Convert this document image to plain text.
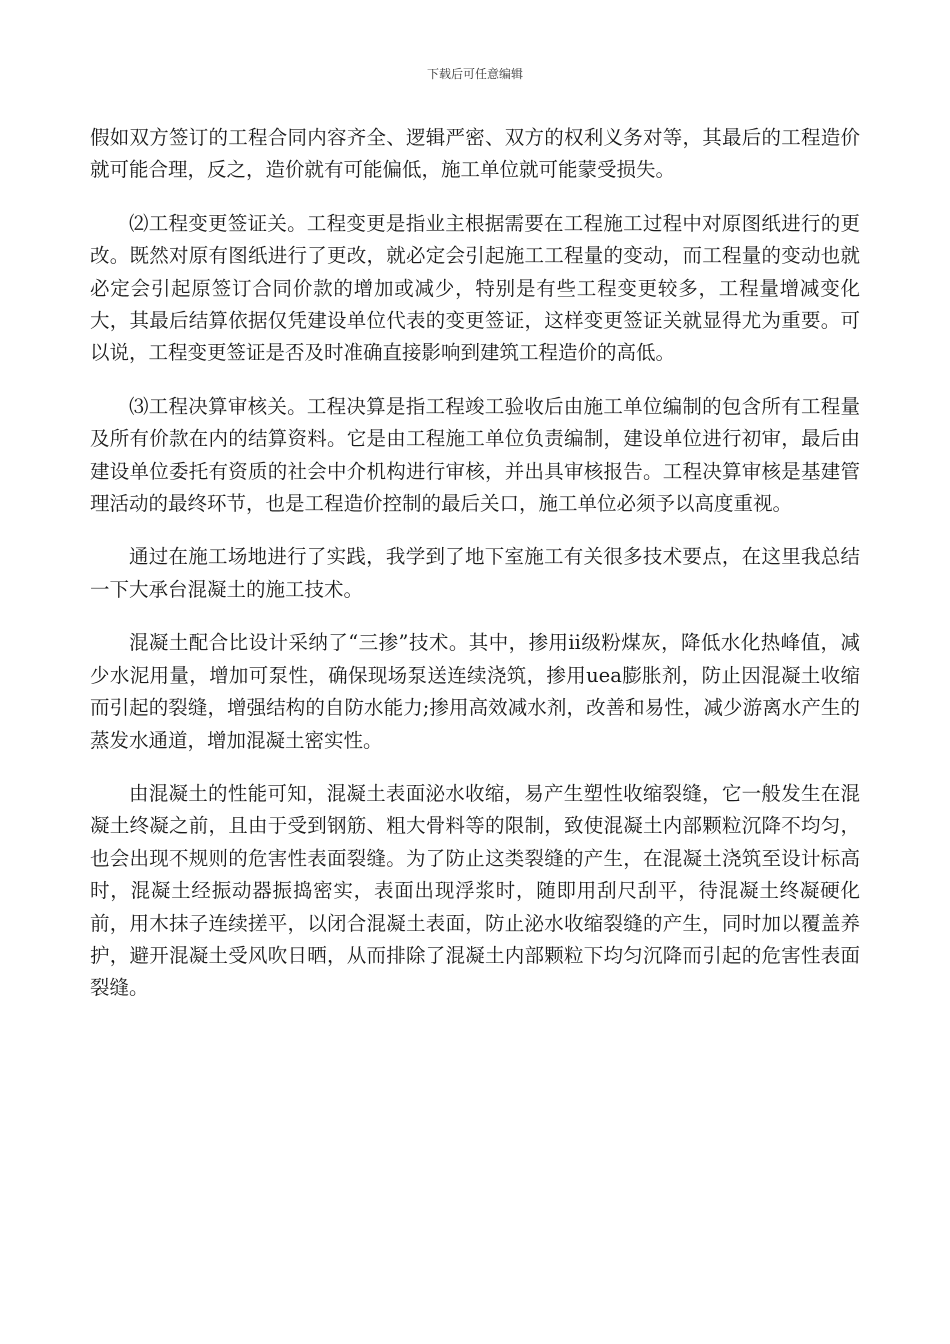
下载后可任意编辑

假如双方签订的工程合同内容齐全、逻辑严密、双方的权利义务对等，其最后的工程造价就可能合理，反之，造价就有可能偏低，施工单位就可能蒙受损失。

⑵工程变更签证关。工程变更是指业主根据需要在工程施工过程中对原图纸进行的更改。既然对原有图纸进行了更改，就必定会引起施工工程量的变动，而工程量的变动也就必定会引起原签订合同价款的增加或减少，特别是有些工程变更较多，工程量增减变化大，其最后结算依据仅凭建设单位代表的变更签证，这样变更签证关就显得尤为重要。可以说，工程变更签证是否及时准确直接影响到建筑工程造价的高低。

⑶工程决算审核关。工程决算是指工程竣工验收后由施工单位编制的包含所有工程量及所有价款在内的结算资料。它是由工程施工单位负责编制，建设单位进行初审，最后由建设单位委托有资质的社会中介机构进行审核，并出具审核报告。工程决算审核是基建管理活动的最终环节，也是工程造价控制的最后关口，施工单位必须予以高度重视。

通过在施工场地进行了实践，我学到了地下室施工有关很多技术要点，在这里我总结一下大承台混凝土的施工技术。

混凝土配合比设计采纳了“三掺”技术。其中，掺用ii级粉煤灰，降低水化热峰值，减少水泥用量，增加可泵性，确保现场泵送连续浇筑，掺用uea膨胀剂，防止因混凝土收缩而引起的裂缝，增强结构的自防水能力;掺用高效减水剂，改善和易性，减少游离水产生的蒸发水通道，增加混凝土密实性。

由混凝土的性能可知，混凝土表面泌水收缩，易产生塑性收缩裂缝，它一般发生在混凝土终凝之前，且由于受到钢筋、粗大骨料等的限制，致使混凝土内部颗粒沉降不均匀，也会出现不规则的危害性表面裂缝。为了防止这类裂缝的产生，在混凝土浇筑至设计标高时，混凝土经振动器振捣密实，表面出现浮浆时，随即用刮尺刮平，待混凝土终凝硬化前，用木抹子连续搓平，以闭合混凝土表面，防止泌水收缩裂缝的产生，同时加以覆盖养护，避开混凝土受风吹日晒，从而排除了混凝土内部颗粒下均匀沉降而引起的危害性表面裂缝。
